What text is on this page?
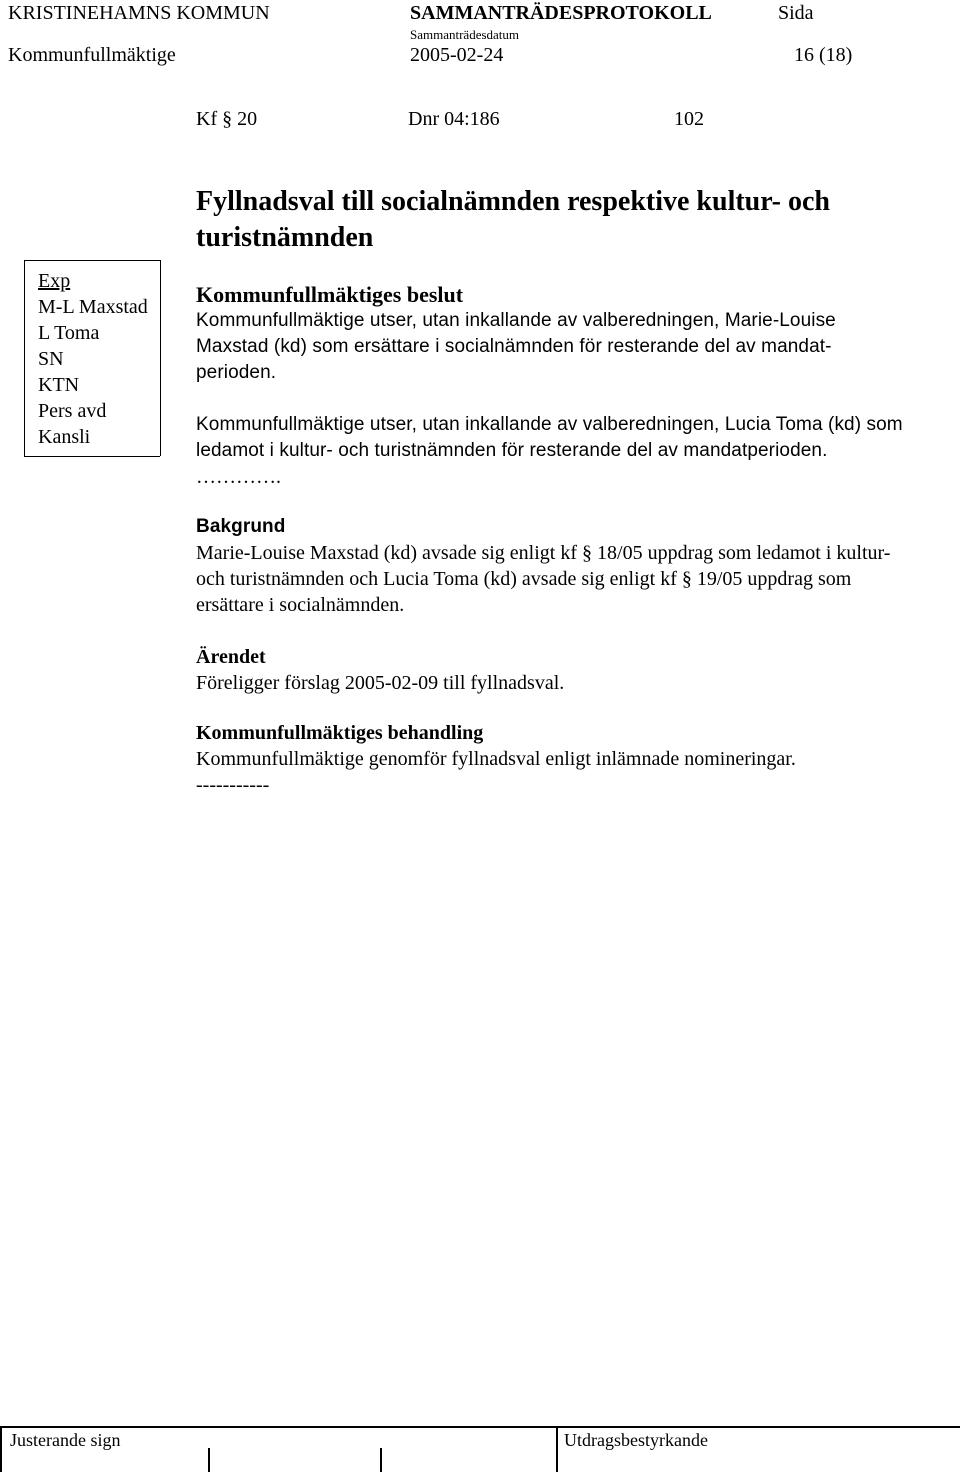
KRISTINEHAMNS KOMMUN	SAMMANTRÄDESPROTOKOLL	Sida
Sammanträdesdatum
Kommunfullmäktige	2005-02-24	16 (18)
Kf § 20	Dnr 04:186	102
Fyllnadsval till socialnämnden respektive kultur- och turistnämnden
Exp
M-L Maxstad
L Toma
SN
KTN
Pers avd
Kansli

Kommunfullmäktiges beslut

Kommunfullmäktige utser, utan inkallande av valberedningen, Marie-Louise Maxstad (kd) som ersättare i socialnämnden för resterande del av mandat-perioden.

Kommunfullmäktige utser, utan inkallande av valberedningen, Lucia Toma (kd) som ledamot i kultur- och turistnämnden för resterande del av mandatperioden.

………….

Bakgrund

Marie-Louise Maxstad (kd) avsade sig enligt kf § 18/05 uppdrag som ledamot i kultur- och turistnämnden och Lucia Toma (kd) avsade sig enligt kf § 19/05 uppdrag som ersättare i socialnämnden.

Ärendet

Föreligger förslag 2005-02-09 till fyllnadsval.

Kommunfullmäktiges behandling

Kommunfullmäktige genomför fyllnadsval enligt inlämnade nomineringar.

-----------

Justerande sign	Utdragsbestyrkande
